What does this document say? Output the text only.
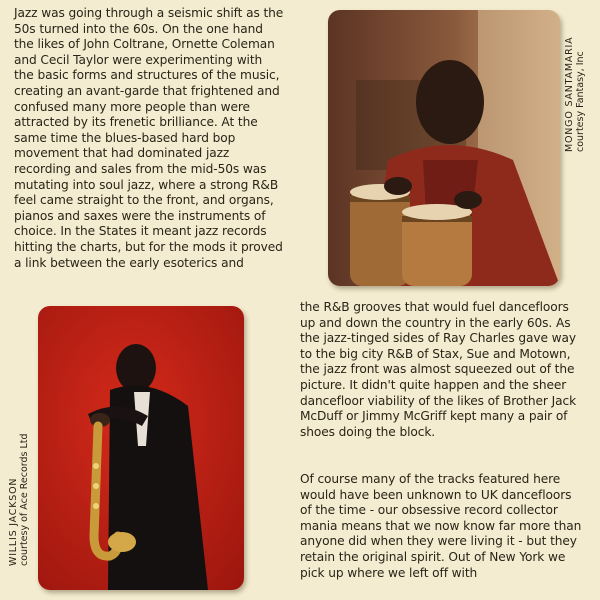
Jazz was going through a seismic shift as the 50s turned into the 60s. On the one hand the likes of John Coltrane, Ornette Coleman and Cecil Taylor were experimenting with the basic forms and structures of the music, creating an avant-garde that frightened and confused many more people than were attracted by its frenetic brilliance. At the same time the blues-based hard bop movement that had dominated jazz recording and sales from the mid-50s was mutating into soul jazz, where a strong R&B feel came straight to the front, and organs, pianos and saxes were the instruments of choice. In the States it meant jazz records hitting the charts, but for the mods it proved a link between the early esoterics and

MONGO SANTAMARIA courtesy Fantasy, Inc
WILLIS JACKSON courtesy of Ace Records Ltd

the R&B grooves that would fuel dancefloors up and down the country in the early 60s. As the jazz-tinged sides of Ray Charles gave way to the big city R&B of Stax, Sue and Motown, the jazz front was almost squeezed out of the picture. It didn't quite happen and the sheer dancefloor viability of the likes of Brother Jack McDuff or Jimmy McGriff kept many a pair of shoes doing the block.

Of course many of the tracks featured here would have been unknown to UK dancefloors of the time - our obsessive record collector mania means that we now know far more than anyone did when they were living it - but they retain the original spirit. Out of New York we pick up where we left off with
